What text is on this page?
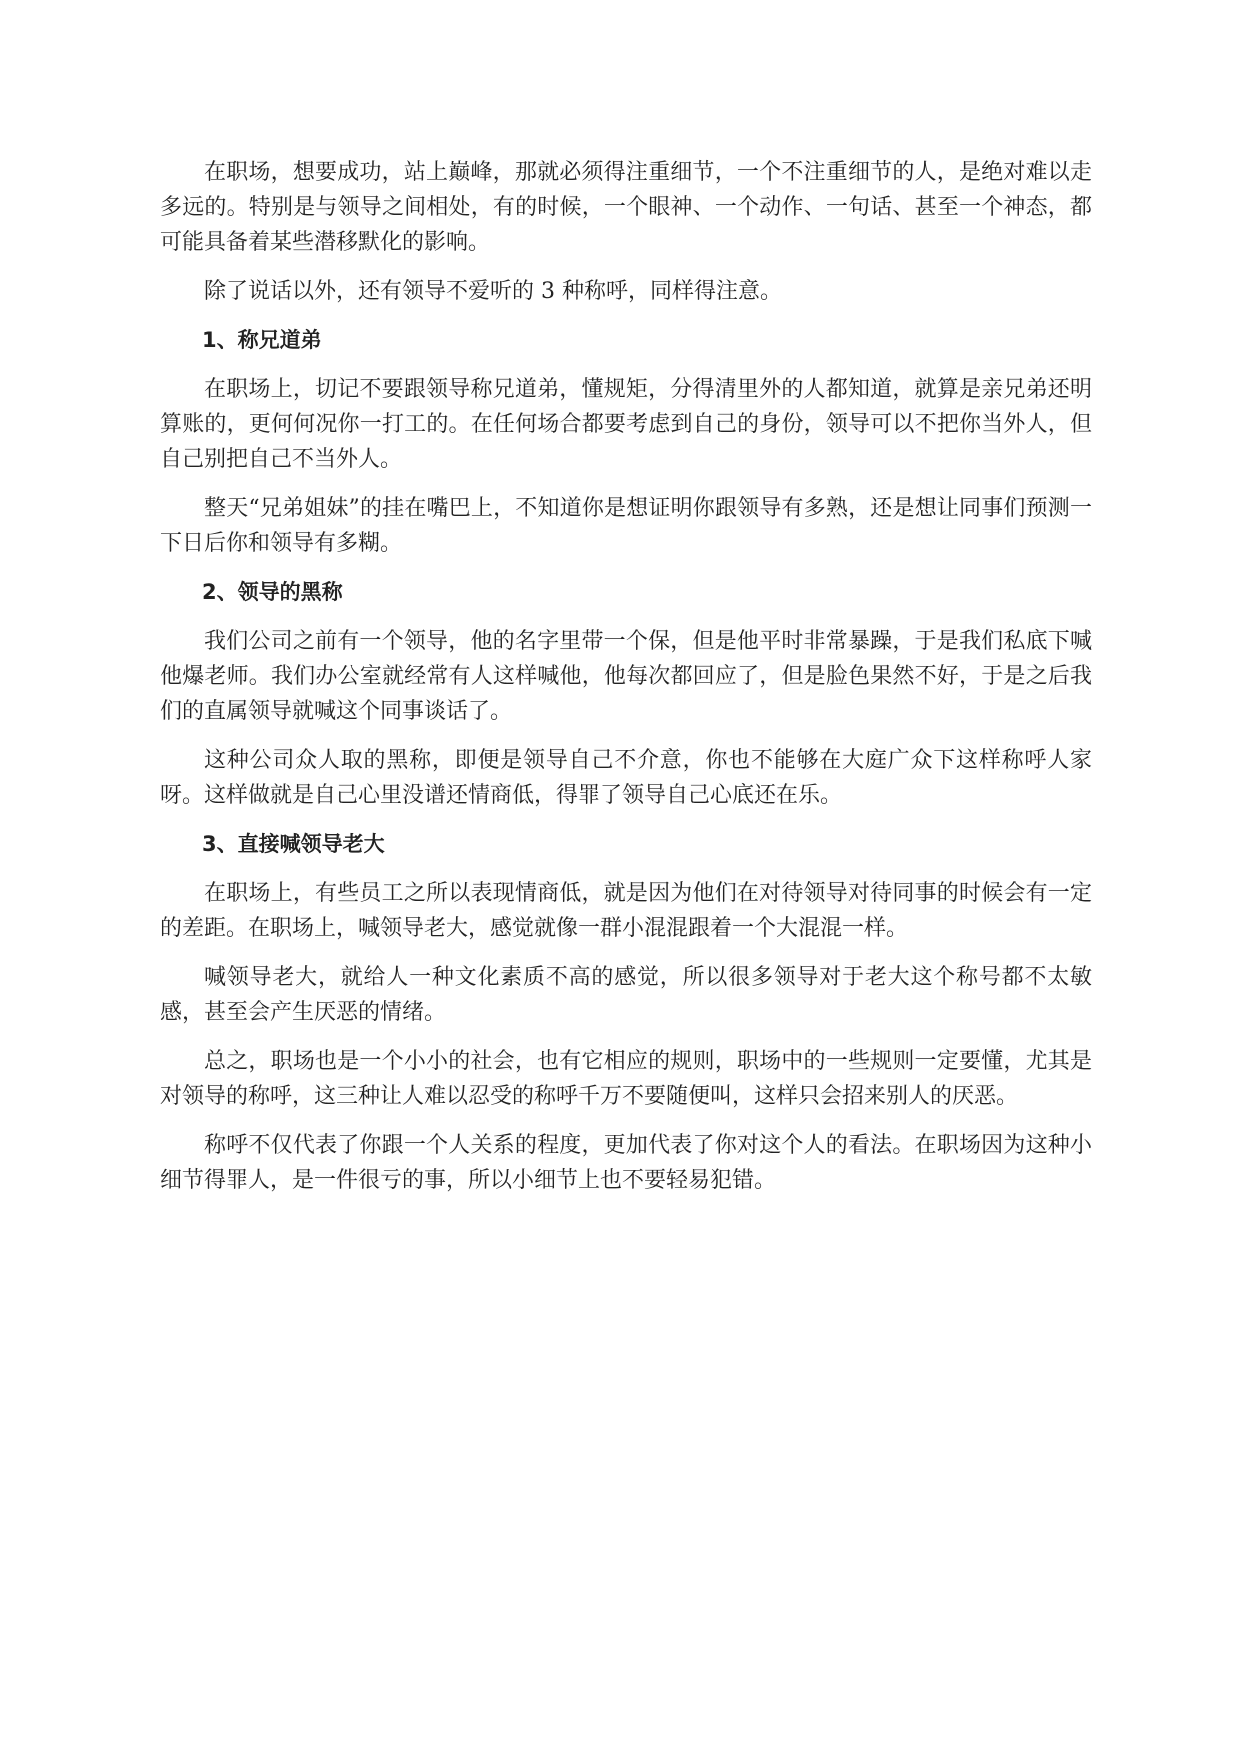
在职场，想要成功，站上巅峰，那就必须得注重细节，一个不注重细节的人，是绝对难以走多远的。特别是与领导之间相处，有的时候，一个眼神、一个动作、一句话、甚至一个神态，都可能具备着某些潜移默化的影响。

除了说话以外，还有领导不爱听的 3 种称呼，同样得注意。

1、称兄道弟

在职场上，切记不要跟领导称兄道弟，懂规矩，分得清里外的人都知道，就算是亲兄弟还明算账的，更何何况你一打工的。在任何场合都要考虑到自己的身份，领导可以不把你当外人，但自己别把自己不当外人。

整天“兄弟姐妹”的挂在嘴巴上，不知道你是想证明你跟领导有多熟，还是想让同事们预测一下日后你和领导有多糊。

2、领导的黑称

我们公司之前有一个领导，他的名字里带一个保，但是他平时非常暴躁，于是我们私底下喊他爆老师。我们办公室就经常有人这样喊他，他每次都回应了，但是脸色果然不好，于是之后我们的直属领导就喊这个同事谈话了。

这种公司众人取的黑称，即便是领导自己不介意，你也不能够在大庭广众下这样称呼人家呀。这样做就是自己心里没谱还情商低，得罪了领导自己心底还在乐。

3、直接喊领导老大

在职场上，有些员工之所以表现情商低，就是因为他们在对待领导对待同事的时候会有一定的差距。在职场上，喊领导老大，感觉就像一群小混混跟着一个大混混一样。

喊领导老大，就给人一种文化素质不高的感觉，所以很多领导对于老大这个称号都不太敏感，甚至会产生厌恶的情绪。

总之，职场也是一个小小的社会，也有它相应的规则，职场中的一些规则一定要懂，尤其是对领导的称呼，这三种让人难以忍受的称呼千万不要随便叫，这样只会招来别人的厌恶。

称呼不仅代表了你跟一个人关系的程度，更加代表了你对这个人的看法。在职场因为这种小细节得罪人，是一件很亏的事，所以小细节上也不要轻易犯错。
